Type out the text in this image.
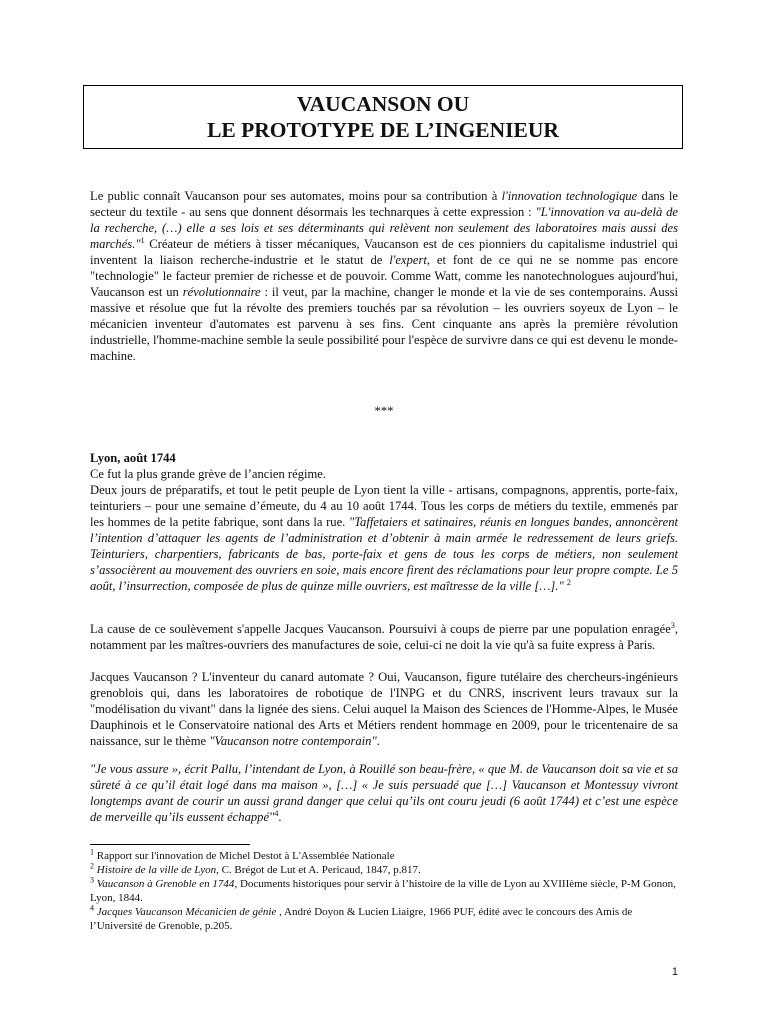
VAUCANSON OU
LE PROTOTYPE DE L’INGENIEUR

Le public connaît Vaucanson pour ses automates, moins pour sa contribution à l'innovation technologique dans le secteur du textile - au sens que donnent désormais les technarques à cette expression : "L'innovation va au-delà de la recherche, (…) elle a ses lois et ses déterminants qui relèvent non seulement des laboratoires mais aussi des marchés."$^1$ Créateur de métiers à tisser mécaniques, Vaucanson est de ces pionniers du capitalisme industriel qui inventent la liaison recherche-industrie et le statut de l'expert, et font de ce qui ne se nomme pas encore "technologie" le facteur premier de richesse et de pouvoir. Comme Watt, comme les nanotechnologues aujourd'hui, Vaucanson est un révolutionnaire : il veut, par la machine, changer le monde et la vie de ses contemporains. Aussi massive et résolue que fut la révolte des premiers touchés par sa révolution – les ouvriers soyeux de Lyon – le mécanicien inventeur d'automates est parvenu à ses fins. Cent cinquante ans après la première révolution industrielle, l'homme-machine semble la seule possibilité pour l'espèce de survivre dans ce qui est devenu le monde-machine.

***

Lyon, août 1744

Ce fut la plus grande grève de l’ancien régime.

Deux jours de préparatifs, et tout le petit peuple de Lyon tient la ville - artisans, compagnons, apprentis, porte-faix, teinturiers – pour une semaine d’émeute, du 4 au 10 août 1744. Tous les corps de métiers du textile, emmenés par les hommes de la petite fabrique, sont dans la rue. "Taffetaiers et satinaires, réunis en longues bandes, annoncèrent l’intention d’attaquer les agents de l’administration et d’obtenir à main armée le redressement de leurs griefs. Teinturiers, charpentiers, fabricants de bas, porte-faix et gens de tous les corps de métiers, non seulement s’associèrent au mouvement des ouvriers en soie, mais encore firent des réclamations pour leur propre compte. Le 5 août, l’insurrection, composée de plus de quinze mille ouvriers, est maîtresse de la ville […]." $^2$

La cause de ce soulèvement s'appelle Jacques Vaucanson. Poursuivi à coups de pierre par une population enragée$^3$, notamment par les maîtres-ouvriers des manufactures de soie, celui-ci ne doit la vie qu'à sa fuite express à Paris.

Jacques Vaucanson ? L'inventeur du canard automate ? Oui, Vaucanson, figure tutélaire des chercheurs-ingénieurs grenoblois qui, dans les laboratoires de robotique de l'INPG et du CNRS, inscrivent leurs travaux sur la "modélisation du vivant" dans la lignée des siens. Celui auquel la Maison des Sciences de l'Homme-Alpes, le Musée Dauphinois et le Conservatoire national des Arts et Métiers rendent hommage en 2009, pour le tricentenaire de sa naissance, sur le thème "Vaucanson notre contemporain".

"Je vous assure », écrit Pallu, l’intendant de Lyon, à Rouillé son beau-frère, « que M. de Vaucanson doit sa vie et sa sûreté à ce qu’il était logé dans ma maison », […] « Je suis persuadé que […] Vaucanson et Montessuy vivront longtemps avant de courir un aussi grand danger que celui qu’ils ont couru jeudi (6 août 1744) et c’est une espèce de merveille qu’ils eussent échappé"$^4$.

$^1$ Rapport sur l'innovation de Michel Destot à L'Assemblée Nationale

$^2$ Histoire de la ville de Lyon, C. Brégot de Lut et A. Pericaud, 1847, p.817.

$^3$ Vaucanson à Grenoble en 1744, Documents historiques pour servir à l’histoire de la ville de Lyon au XVIIIème siècle, P-M Gonon, Lyon, 1844.

$^4$ Jacques Vaucanson Mécanicien de génie , André Doyon & Lucien Liaigre, 1966 PUF, édité avec le concours des Amis de l’Université de Grenoble, p.205.

1
